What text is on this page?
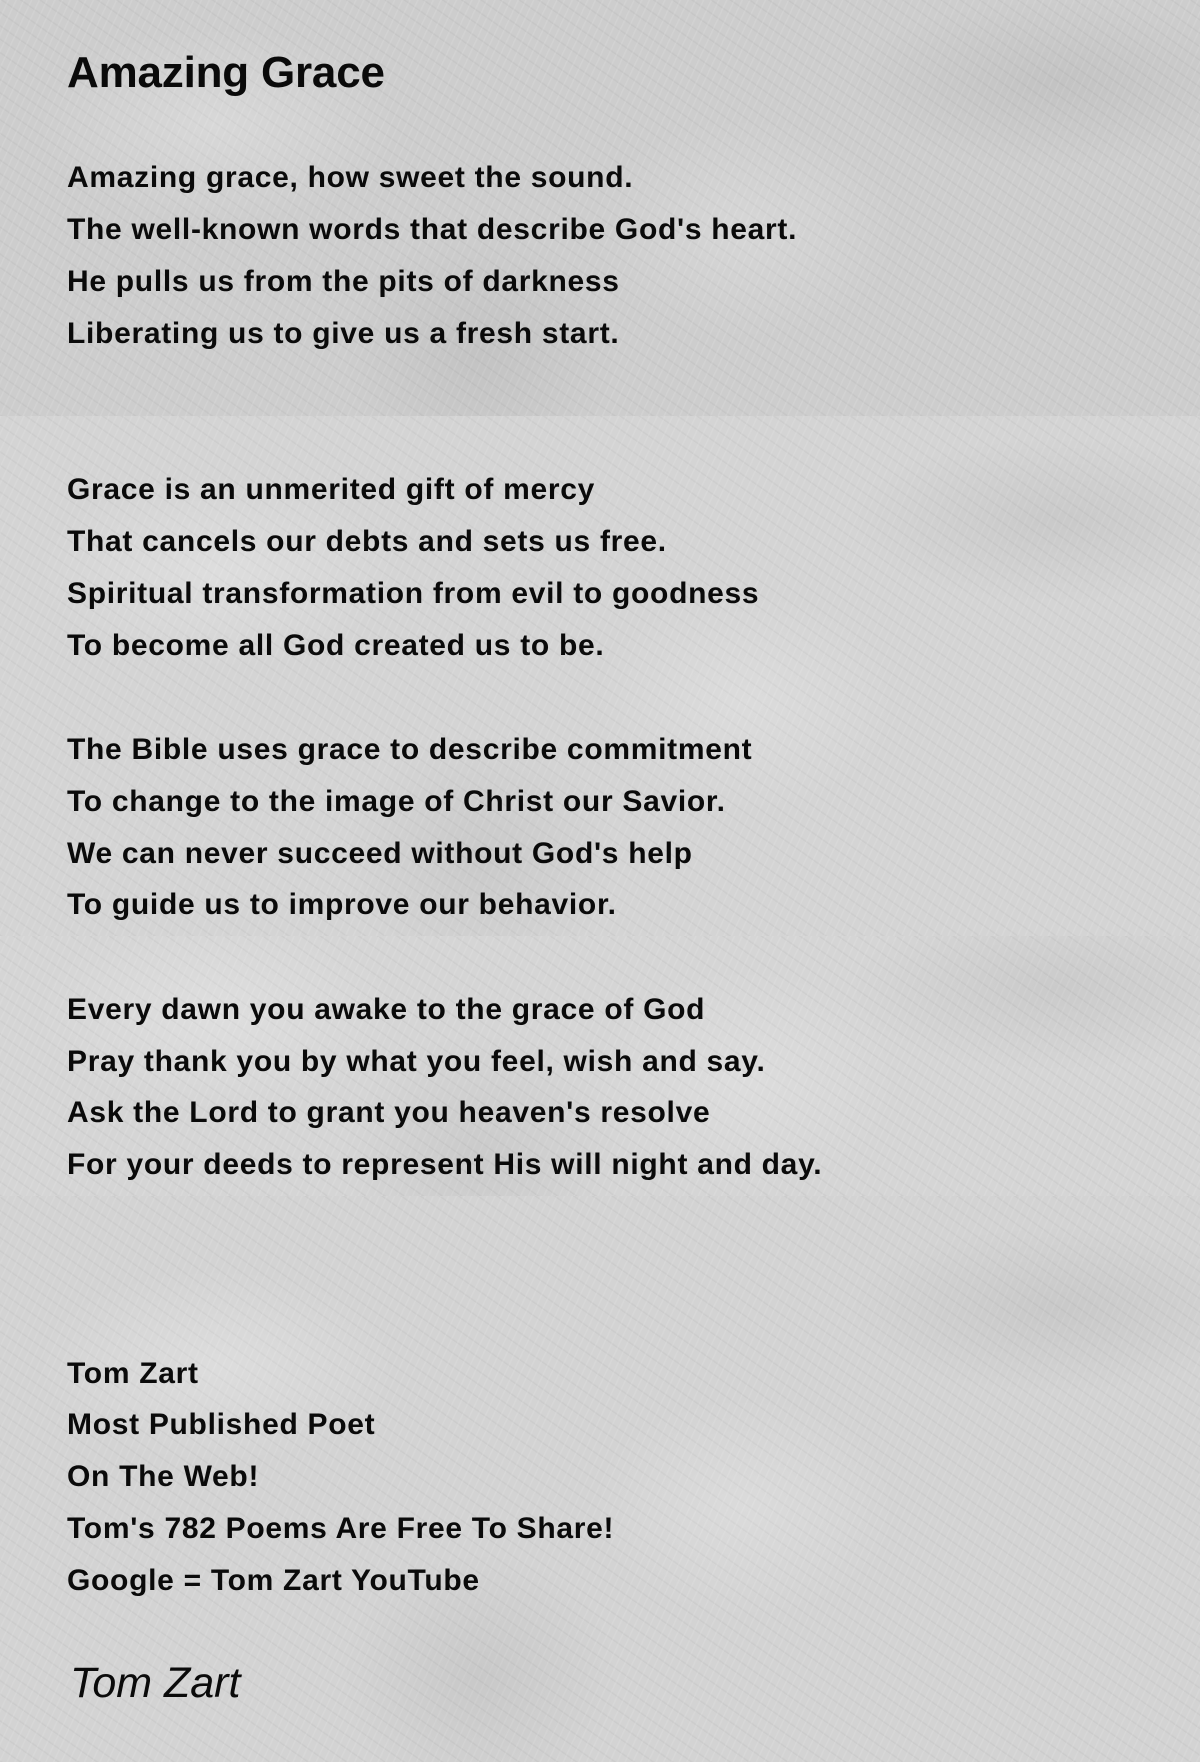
Amazing Grace

Amazing grace, how sweet the sound.

The well-known words that describe God's heart.

He pulls us from the pits of darkness

Liberating us to give us a fresh start.

Grace is an unmerited gift of mercy

That cancels our debts and sets us free.

Spiritual transformation from evil to goodness

To become all God created us to be.

The Bible uses grace to describe commitment

To change to the image of Christ our Savior.

We can never succeed without God's help

To guide us to improve our behavior.

Every dawn you awake to the grace of God

Pray thank you by what you feel, wish and say.

Ask the Lord to grant you heaven's resolve

For your deeds to represent His will night and day.

Tom Zart

Most Published Poet

On The Web!

Tom's 782 Poems Are Free To Share!

Google = Tom Zart YouTube

Tom Zart
